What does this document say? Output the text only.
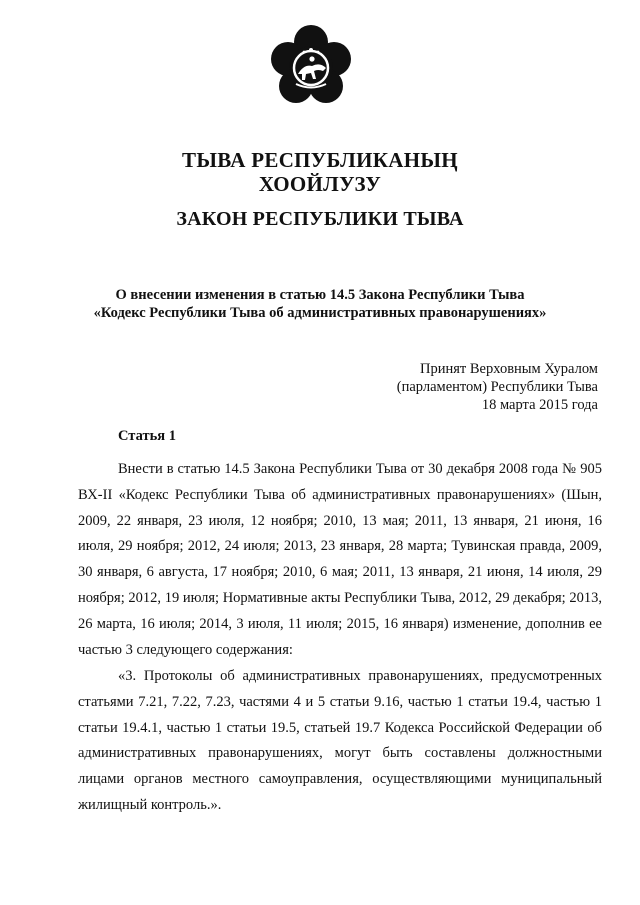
ТЫВА РЕСПУБЛИКАНЫҢ
ХООЙЛУЗУ
ЗАКОН РЕСПУБЛИКИ ТЫВА
О внесении изменения в статью 14.5 Закона Республики Тыва
«Кодекс Республики Тыва об административных правонарушениях»
Принят Верховным Хуралом
(парламентом) Республики Тыва
18 марта 2015 года
Статья 1

Внести в статью 14.5 Закона Республики Тыва от 30 декабря 2008 года № 905 ВХ-II «Кодекс Республики Тыва об административных правонарушениях» (Шын, 2009, 22 января, 23 июля, 12 ноября; 2010, 13 мая; 2011, 13 января, 21 июня, 16 июля, 29 ноября; 2012, 24 июля; 2013, 23 января, 28 марта; Тувинская правда, 2009, 30 января, 6 августа, 17 ноября; 2010, 6 мая; 2011, 13 января, 21 июня, 14 июля, 29 ноября; 2012, 19 июля; Нормативные акты Республики Тыва, 2012, 29 декабря; 2013, 26 марта, 16 июля; 2014, 3 июля, 11 июля; 2015, 16 января) изменение, дополнив ее частью 3 следующего содержания:

«3. Протоколы об административных правонарушениях, предусмотренных статьями 7.21, 7.22, 7.23, частями 4 и 5 статьи 9.16, частью 1 статьи 19.4, частью 1 статьи 19.4.1, частью 1 статьи 19.5, статьей 19.7 Кодекса Российской Федерации об административных правонарушениях, могут быть составлены должностными лицами органов местного самоуправления, осуществляющими муниципальный жилищный контроль.».
